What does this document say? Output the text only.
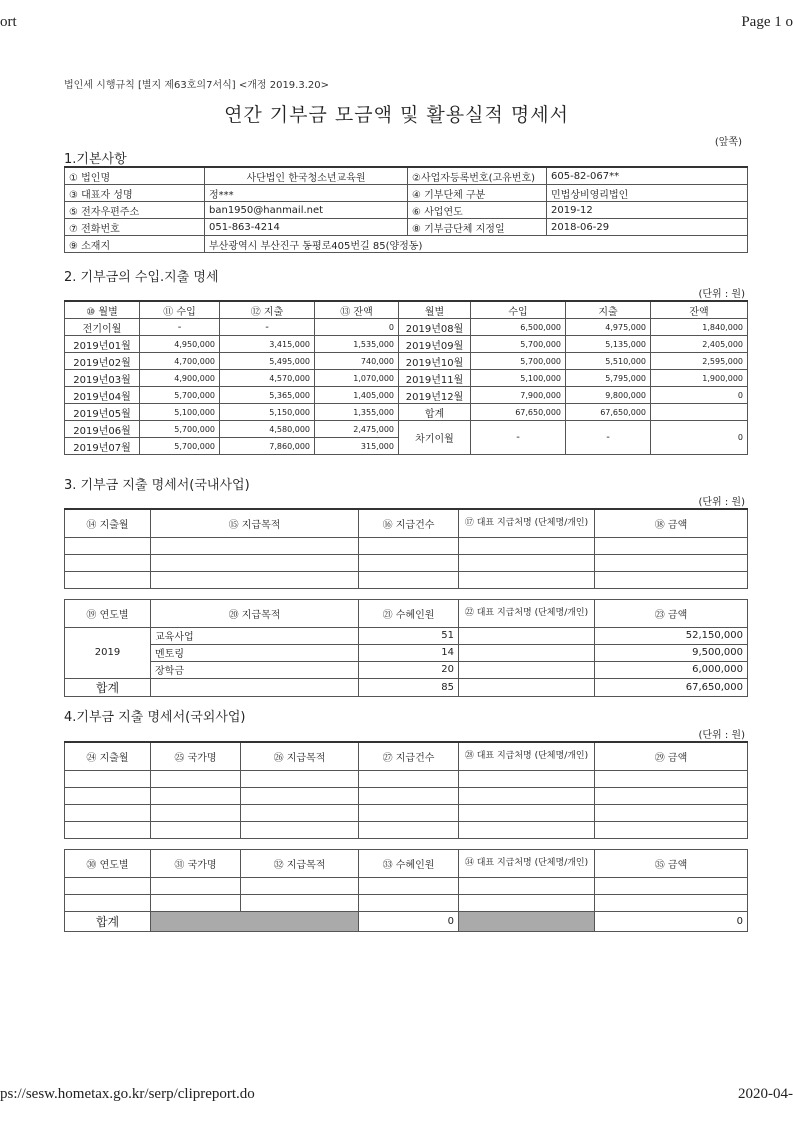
ort	Page 1 o
ps://sesw.hometax.go.kr/serp/clipreport.do	2020-04-
법인세 시행규칙 [별지 제63호의7서식] <개정 2019.3.20>
연간 기부금 모금액 및 활용실적 명세서
(앞쪽)
1.기본사항
① 법인명	사단법인 한국청소년교육원	②사업자등록번호(고유번호)	605-82-067**
③ 대표자 성명	정***	④ 기부단체 구분	민법상비영리법인
⑤ 전자우편주소	ban1950@hanmail.net	⑥ 사업연도	2019-12
⑦ 전화번호	051-863-4214	⑧ 기부금단체 지정일	2018-06-29
⑨ 소재지	부산광역시 부산진구 동평로405번길 85(양정동)		
2. 기부금의 수입.지출 명세
(단위 : 원)
⑩ 월별	⑪ 수입	⑫ 지출	⑬ 잔액	월별	수입	지출	잔액
전기이월	-	-	0	2019년08월	6,500,000	4,975,000	1,840,000
2019년01월	4,950,000	3,415,000	1,535,000	2019년09월	5,700,000	5,135,000	2,405,000
2019년02월	4,700,000	5,495,000	740,000	2019년10월	5,700,000	5,510,000	2,595,000
2019년03월	4,900,000	4,570,000	1,070,000	2019년11월	5,100,000	5,795,000	1,900,000
2019년04월	5,700,000	5,365,000	1,405,000	2019년12월	7,900,000	9,800,000	0
2019년05월	5,100,000	5,150,000	1,355,000	합계	67,650,000	67,650,000	
2019년06월	5,700,000	4,580,000	2,475,000	차기이월	-	-	0
2019년07월	5,700,000	7,860,000	315,000				
3. 기부금 지출 명세서(국내사업)
(단위 : 원)
⑭ 지출월	⑮ 지급목적	⑯ 지급건수	⑰ 대표 지급처명 (단체명/개인)	⑱ 금액

⑲ 연도별	⑳ 지급목적	㉑ 수혜인원	㉒ 대표 지급처명 (단체명/개인)	㉓ 금액
2019	교육사업	51		52,150,000
	멘토링	14		9,500,000
	장학금	20		6,000,000
합계		85		67,650,000
4.기부금 지출 명세서(국외사업)
(단위 : 원)
㉔ 지출월	㉕ 국가명	㉖ 지급목적	㉗ 지급건수	㉘ 대표 지급처명 (단체명/개인)	㉙ 금액

㉚ 연도별	㉛ 국가명	㉜ 지급목적	㉝ 수혜인원	㉞ 대표 지급처명 (단체명/개인)	㉟ 금액

합계			0		0
